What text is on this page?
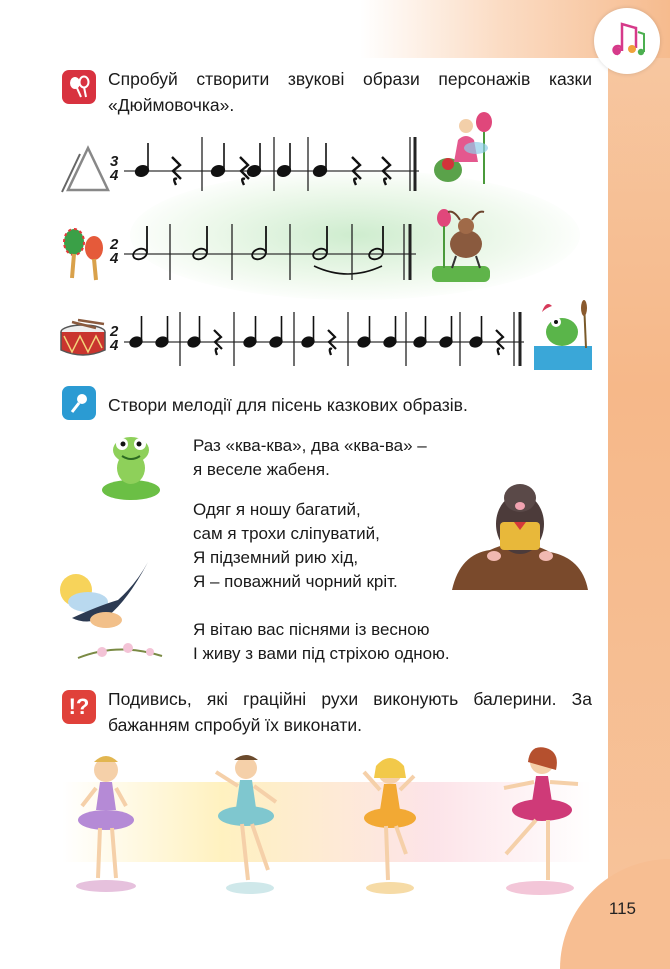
115
Спробуй створити звукові образи персонажів казки «Дюймовочка».
3
4
2
4
2
4
Створи мелодії для пісень казкових образів.
Раз «ква-ква», два «ква-ва» –
я веселе жабеня.
Одяг я ношу багатий,
сам я трохи сліпуватий,
Я підземний рию хід,
Я – поважний чорний кріт.
Я вітаю вас піснями із весною
І живу з вами під стріхою одною.
!? Подивись, які граційні рухи виконують балерини. За бажанням спробуй їх виконати.
